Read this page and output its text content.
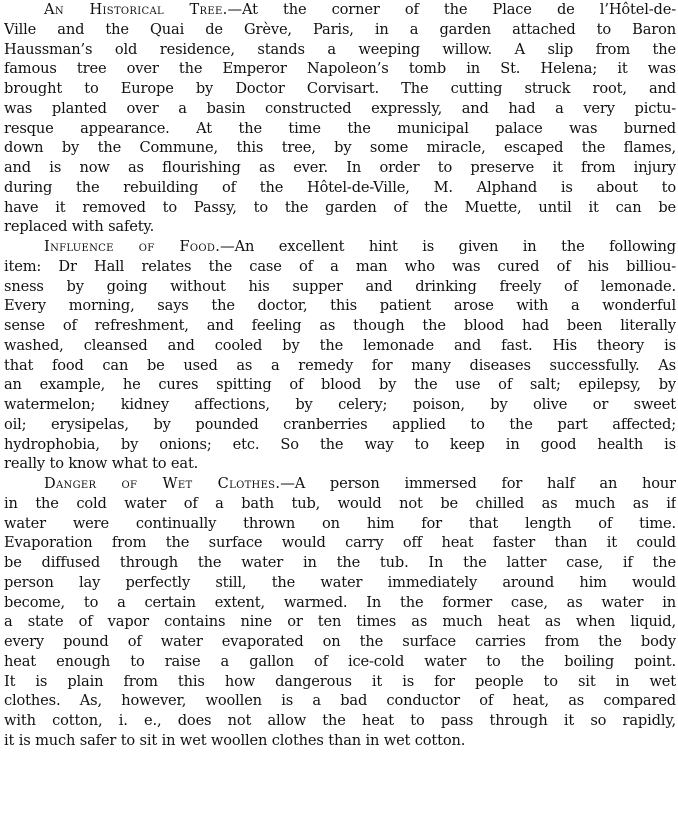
An Historical Tree.—At the corner of the Place de l’Hôtel-de-
Ville and the Quai de Grève, Paris, in a garden attached to Baron
Haussman’s old residence, stands a weeping willow. A slip from the
famous tree over the Emperor Napoleon’s tomb in St. Helena; it was
brought to Europe by Doctor Corvisart. The cutting struck root, and
was planted over a basin constructed expressly, and had a very pictu-
resque appearance. At the time the municipal palace was burned
down by the Commune, this tree, by some miracle, escaped the flames,
and is now as flourishing as ever. In order to preserve it from injury
during the rebuilding of the Hôtel-de-Ville, M. Alphand is about to
have it removed to Passy, to the garden of the Muette, until it can be
replaced with safety.
Influence of Food.—An excellent hint is given in the following
item: Dr Hall relates the case of a man who was cured of his billiou-
sness by going without his supper and drinking freely of lemonade.
Every morning, says the doctor, this patient arose with a wonderful
sense of refreshment, and feeling as though the blood had been literally
washed, cleansed and cooled by the lemonade and fast. His theory is
that food can be used as a remedy for many diseases successfully. As
an example, he cures spitting of blood by the use of salt; epilepsy, by
watermelon; kidney affections, by celery; poison, by olive or sweet
oil; erysipelas, by pounded cranberries applied to the part affected;
hydrophobia, by onions; etc. So the way to keep in good health is
really to know what to eat.
Danger of Wet Clothes.—A person immersed for half an hour
in the cold water of a bath tub, would not be chilled as much as if
water were continually thrown on him for that length of time.
Evaporation from the surface would carry off heat faster than it could
be diffused through the water in the tub. In the latter case, if the
person lay perfectly still, the water immediately around him would
become, to a certain extent, warmed. In the former case, as water in
a state of vapor contains nine or ten times as much heat as when liquid,
every pound of water evaporated on the surface carries from the body
heat enough to raise a gallon of ice-cold water to the boiling point.
It is plain from this how dangerous it is for people to sit in wet
clothes. As, however, woollen is a bad conductor of heat, as compared
with cotton, i. e., does not allow the heat to pass through it so rapidly,
it is much safer to sit in wet woollen clothes than in wet cotton.
